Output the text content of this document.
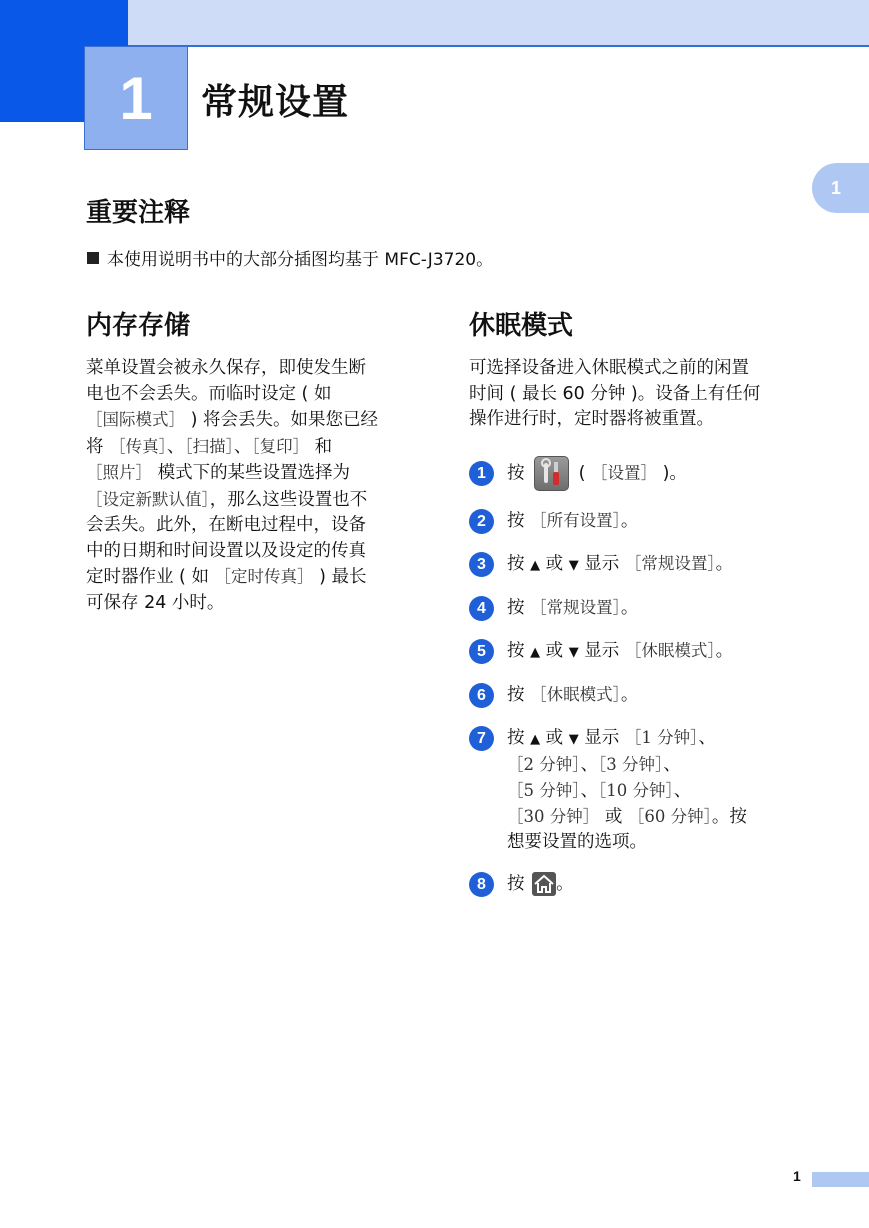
1	常规设置
1
重要注释
本使用说明书中的大部分插图均基于 MFC-J3720。
内存存储
菜单设置会被永久保存，即使发生断
电也不会丢失。而临时设定 ( 如
［国际模式］ ) 将会丢失。如果您已经
将 ［传真］、［扫描］、［复印］ 和
［照片］ 模式下的某些设置选择为
［设定新默认值］，那么这些设置也不
会丢失。此外，在断电过程中，设备
中的日期和时间设置以及设定的传真
定时器作业 ( 如 ［定时传真］ ) 最长
可保存 24 小时。
休眠模式
可选择设备进入休眠模式之前的闲置
时间 ( 最长 60 分钟 )。设备上有任何
操作进行时，定时器将被重置。
1	按	( ［设置］ )。
2	按 ［所有设置］。
3	按 ▲ 或 ▼ 显示 ［常规设置］。
4	按 ［常规设置］。
5	按 ▲ 或 ▼ 显示 ［休眠模式］。
6	按 ［休眠模式］。
7	按 ▲ 或 ▼ 显示 ［1 分钟］、
［2 分钟］、［3 分钟］、
［5 分钟］、［10 分钟］、
［30 分钟］ 或 ［60 分钟］。按
想要设置的选项。
8	按 。
1
